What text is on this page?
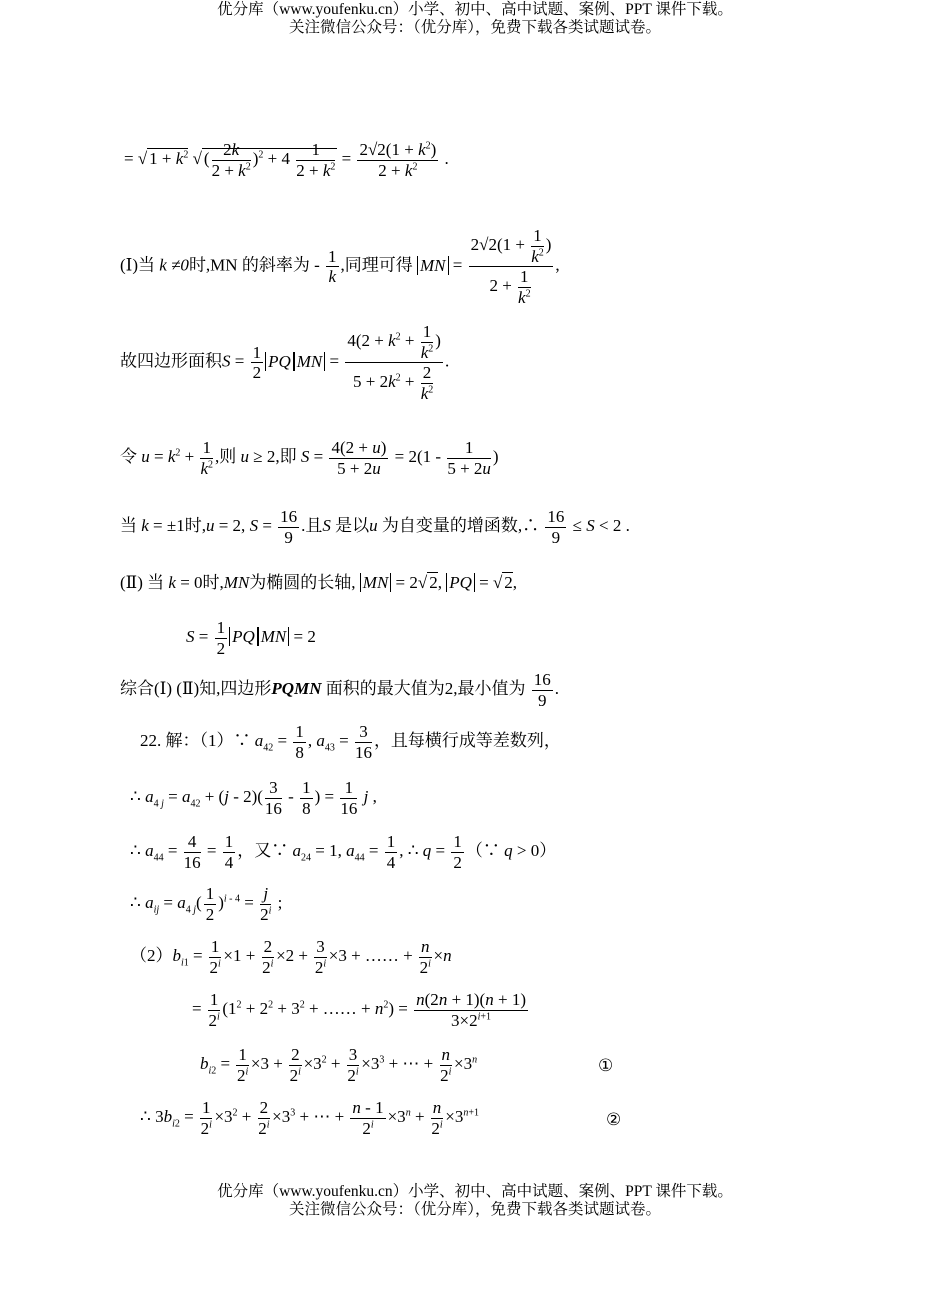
优分库（www.youfenku.cn）小学、初中、高中试题、案例、PPT 课件下载。
关注微信公众号：（优分库），免费下载各类试题试卷。
= √ $1 + k^2$ √ ( $\frac{2k}{2 + k^2} )^2 + 4 \frac{1}{2 + k^2} = \frac{2√2(1 + k^2)}{2 + k^2}$ .
(Ⅰ)当 k ≠0时,MN 的斜率为 - $\frac{1}{k}$ ,同理可得 MN = $\frac{2√2(1 + \frac{1}{k^2} )}{2 + \frac{1}{k^2}}$ ,
故四边形面积$S = \frac{1}{2}$ PQ MN = $\frac{4(2 + k^2 + \frac{1}{k^2} )}{5 + 2k^2 + \frac{2}{k^2}}$ .
令 $u = k^2 + \frac{1}{k^2}$ ,则 u ≥ 2,即 $S = \frac{4(2 + u)}{5 + 2u} = 2(1 - \frac{1}{5 + 2u}$ )
当 k = ±1时,u = 2, $S = \frac{16}{9}$ .且S 是以u 为自变量的增函数,∴ $\frac{16}{9} \le S < 2$ .
(Ⅱ) 当 k = 0时,MN为椭圆的长轴, MN = 2√ 2, PQ = √ 2,
$S = \frac{1}{2}$ PQ MN = 2
综合(Ⅰ) (Ⅱ)知,四边形PQMN 面积的最大值为2,最小值为 $\frac{16}{9}$ .
22. 解：（1）∵ $a_{42} = \frac{1}{8}$ , $a_{43} = \frac{3}{16}$ ，且每横行成等差数列，
∴ $a_{4 j} = a_{42} + (j - 2)( \frac{3}{16} - \frac{1}{8}$ ) = $\frac{1}{16}$ j ,
∴ $a_{44} = \frac{4}{16} = \frac{1}{4}$ ，又∵ $a_{24} = 1$, $a_{44} = \frac{1}{4}$ , ∴ $q = \frac{1}{2}$ （∵ q > 0）
∴ $a_{ij} = a_{4 j}( \frac{1}{2} )^{i - 4} = \frac{j}{2^i}$ ;
$(2)b_{i1} = \frac{1}{2^i} \times 1 + \frac{2}{2^i} \times 2 + \frac{3}{2^i} \times 3$ + …… + $\frac{n}{2^i} \times n$
= $\frac{1}{2^i} (1^2 + 2^2 + 3^2$ + …… + $n^2) = \frac{n(2n + 1)(n + 1)}{3\times 2^{i+1}}$
$b_{i2} = \frac{1}{2^i} \times 3 + \frac{2}{2^i} \times 3^2 + \frac{3}{2^i} \times 3^3$ + ⋯ + $\frac{n}{2^i} \times 3^n$	①
∴ $3b_{i2} = \frac{1}{2^i} \times 3^2 + \frac{2}{2^i} \times 3^3$ + ⋯ + $\frac{n - 1}{2^i} \times 3^n + \frac{n}{2^i} \times 3^{n+1}$	②
优分库（www.youfenku.cn）小学、初中、高中试题、案例、PPT 课件下载。
关注微信公众号：（优分库），免费下载各类试题试卷。
